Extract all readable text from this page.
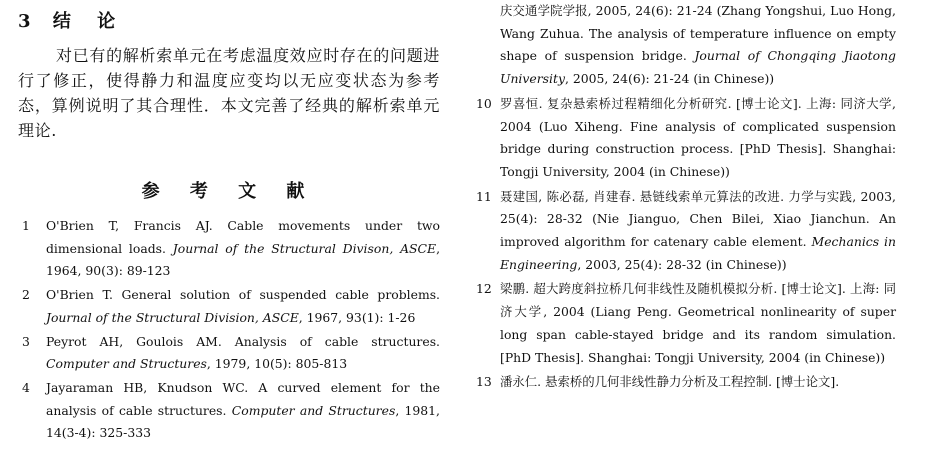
3 结 论

对已有的解析索单元在考虑温度效应时存在的问题进行了修正，使得静力和温度应变均以无应变状态为参考态，算例说明了其合理性．本文完善了经典的解析索单元理论.

参 考 文 献
1 O'Brien T, Francis AJ. Cable movements under two dimensional loads. Journal of the Structural Divison, ASCE, 1964, 90(3): 89-123
2 O'Brien T. General solution of suspended cable problems. Journal of the Structural Division, ASCE, 1967, 93(1): 1-26
3 Peyrot AH, Goulois AM. Analysis of cable structures. Computer and Structures, 1979, 10(5): 805-813
4 Jayaraman HB, Knudson WC. A curved element for the analysis of cable structures. Computer and Structures, 1981, 14(3-4): 325-333
庆交通学院学报, 2005, 24(6): 21-24 (Zhang Yongshui, Luo Hong, Wang Zuhua. The analysis of temperature influence on empty shape of suspension bridge. Journal of Chongqing Jiaotong University, 2005, 24(6): 21-24 (in Chinese))
10 罗喜恒. 复杂悬索桥过程精细化分析研究. [博士论文]. 上海: 同济大学, 2004 (Luo Xiheng. Fine analysis of complicated suspension bridge during construction process. [PhD Thesis]. Shanghai: Tongji University, 2004 (in Chinese))
11 聂建国, 陈必磊, 肖建春. 悬链线索单元算法的改进. 力学与实践, 2003, 25(4): 28-32 (Nie Jianguo, Chen Bilei, Xiao Jianchun. An improved algorithm for catenary cable element. Mechanics in Engineering, 2003, 25(4): 28-32 (in Chinese))
12 梁鹏. 超大跨度斜拉桥几何非线性及随机模拟分析. [博士论文]. 上海: 同济大学, 2004 (Liang Peng. Geometrical nonlinearity of super long span cable-stayed bridge and its random simulation. [PhD Thesis]. Shanghai: Tongji University, 2004 (in Chinese))
13 潘永仁. 悬索桥的几何非线性静力分析及工程控制. [博士论文].
